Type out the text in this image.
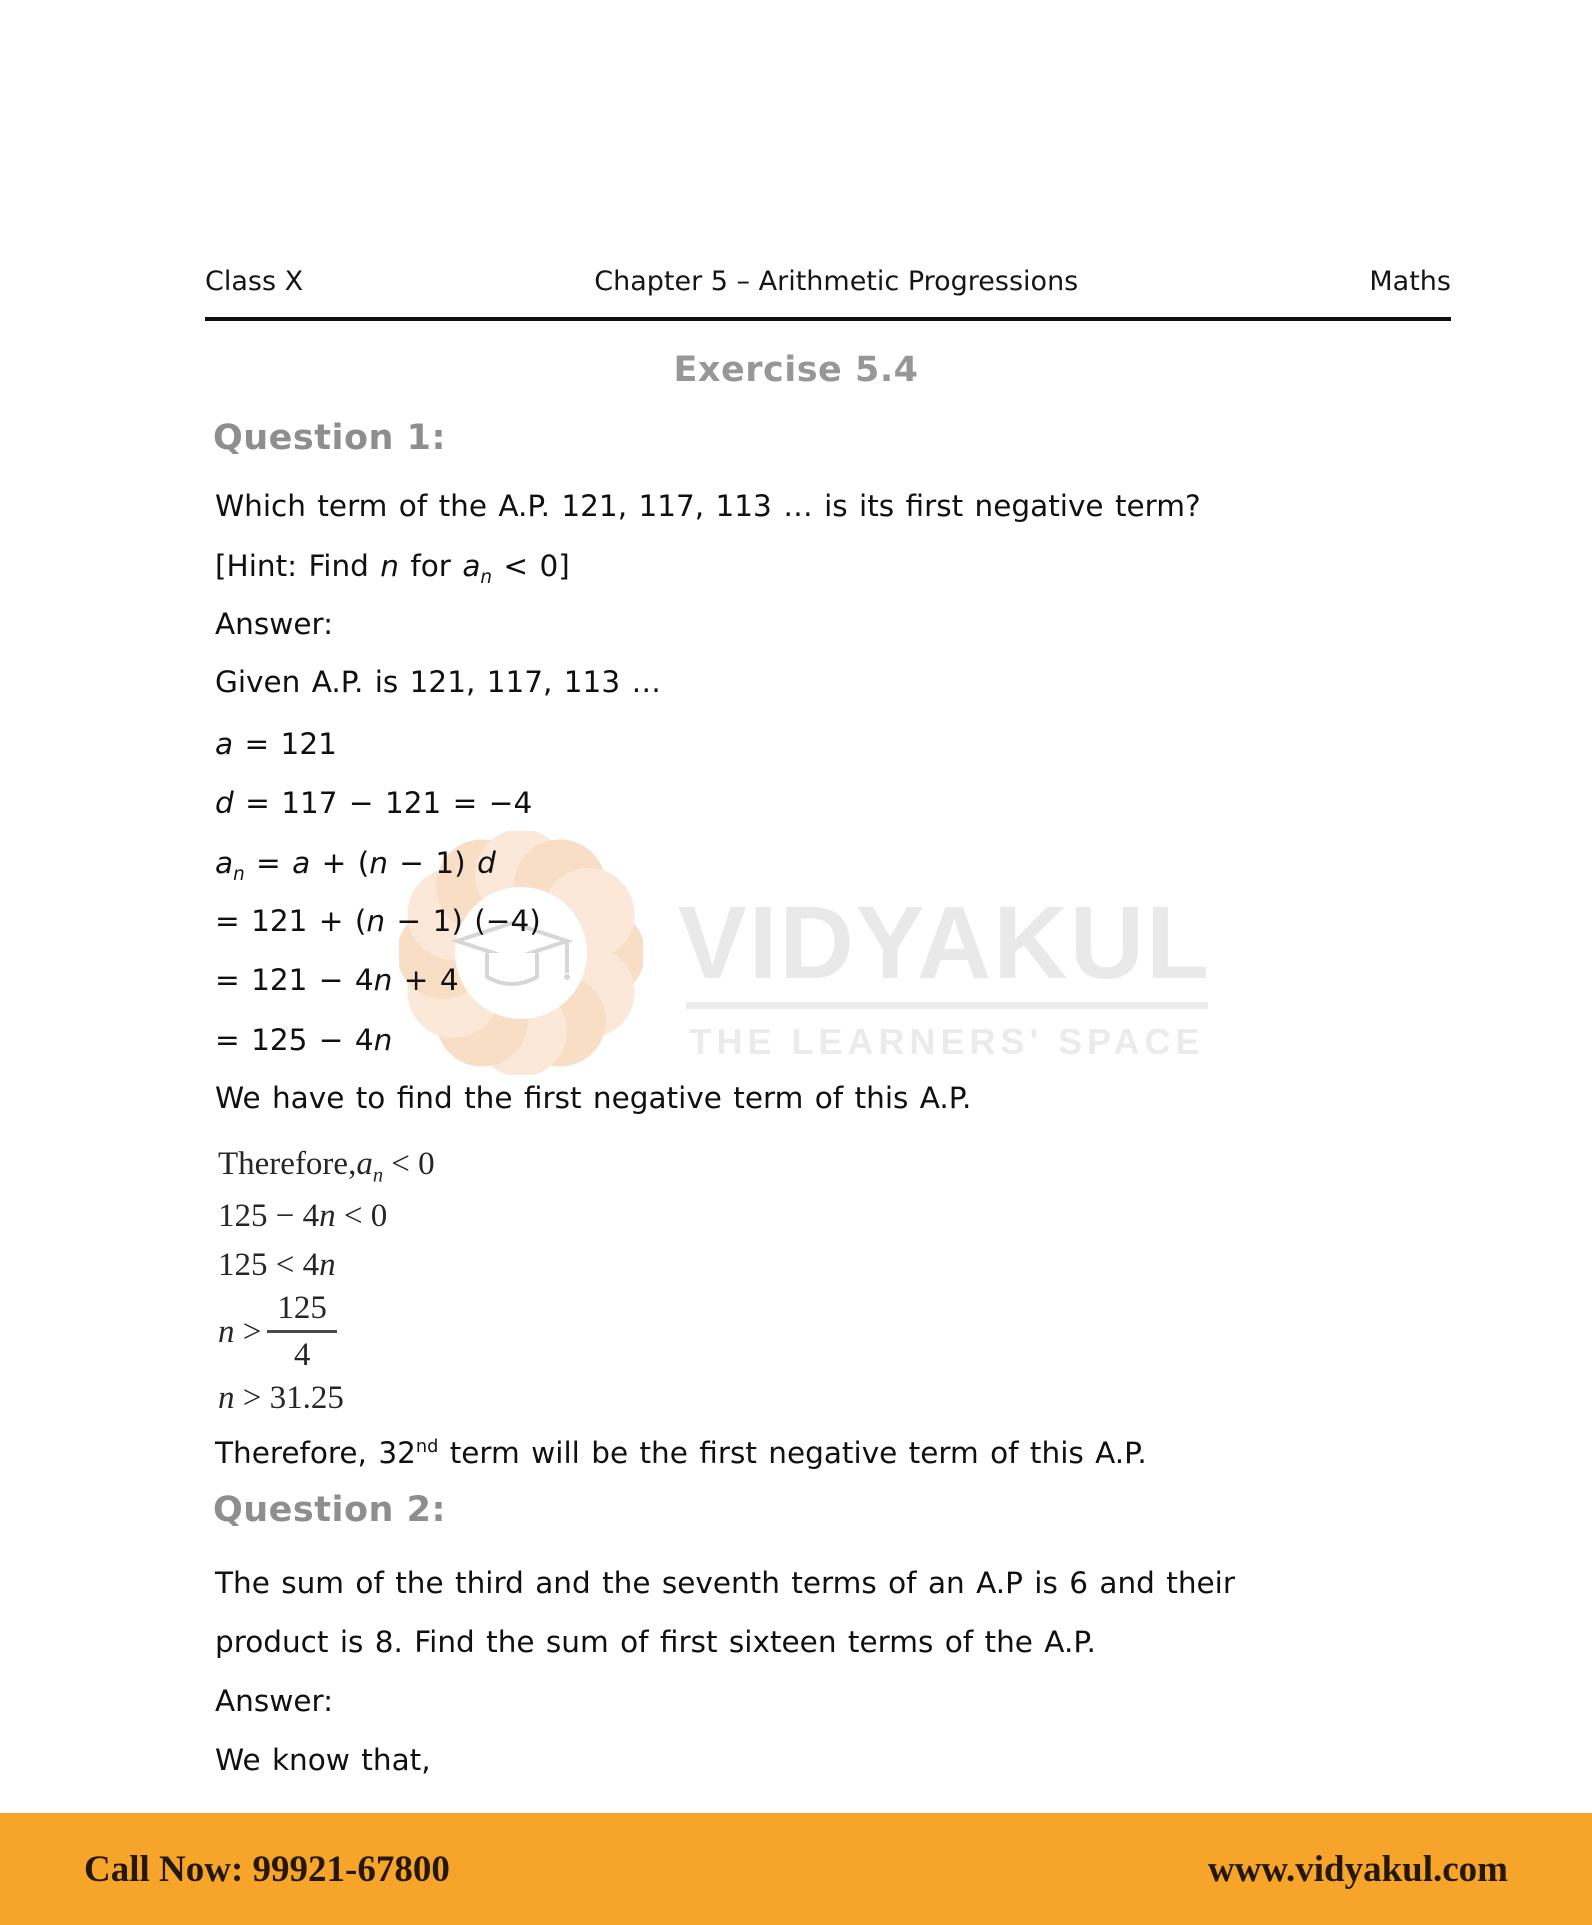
VIDYAKUL
THE LEARNERS' SPACE
Class X	Chapter 5 – Arithmetic Progressions	Maths
Exercise 5.4
Question 1:
Which term of the A.P. 121, 117, 113 … is its first negative term?
[Hint: Find n for $a_n < 0$]
Answer:
Given A.P. is 121, 117, 113 …
a = 121
d = 117 − 121 = −4
$a_n = a + (n - 1)$ d
= 121 + (n − 1) (−4)
= 121 − 4n + 4
= 125 − 4n
We have to find the first negative term of this A.P.
$Therefore,a_n < 0$
125 − 4n < 0
125 < 4n
$n > \frac{125}{4}$
n > 31.25
Therefore, 32nd term will be the first negative term of this A.P.
Question 2:
The sum of the third and the seventh terms of an A.P is 6 and their
product is 8. Find the sum of first sixteen terms of the A.P.
Answer:
We know that,
Call Now: 99921-67800	www.vidyakul.com
